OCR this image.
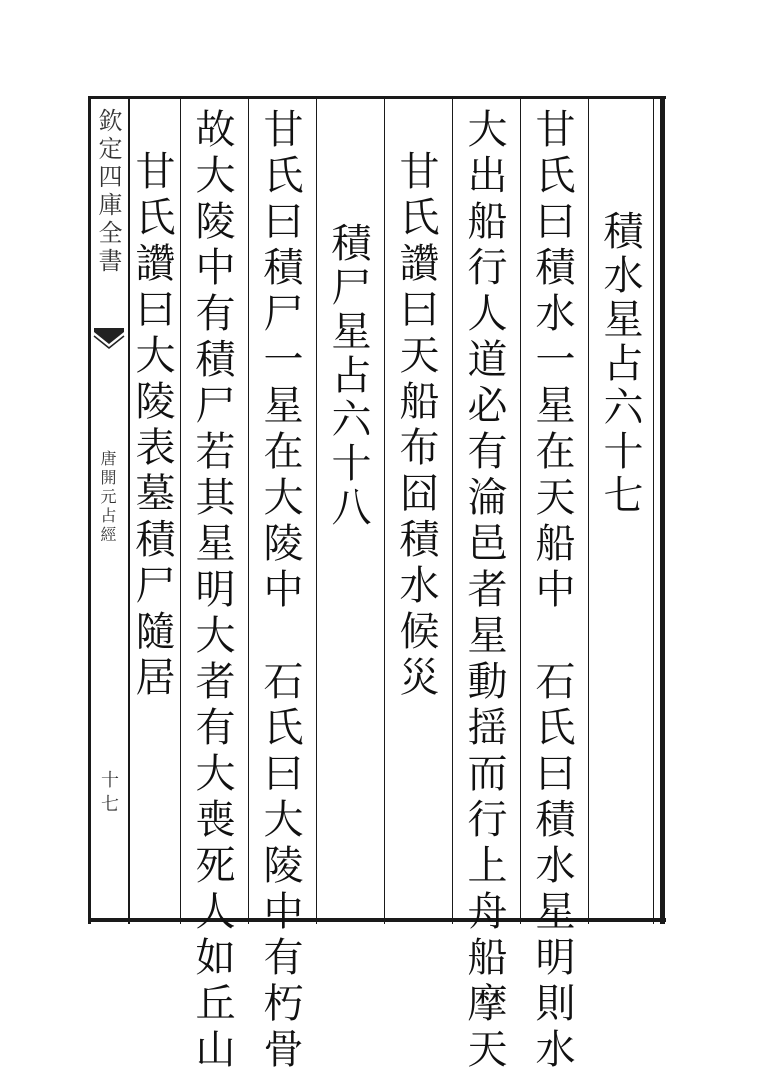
欽定四庫全書
唐開元占經
十七
積水星占六十七
甘氏曰積水一星在天船中　石氏曰積水星明則水
大出船行人道必有淪邑者星動揺而行上舟船摩天
甘氏讚曰天船布囧積水候災
積尸星占六十八
甘氏曰積尸一星在大陵中　石氏曰大陵中有朽骨
故大陵中有積尸若其星明大者有大喪死人如丘山
甘氏讚曰大陵表墓積尸隨居
